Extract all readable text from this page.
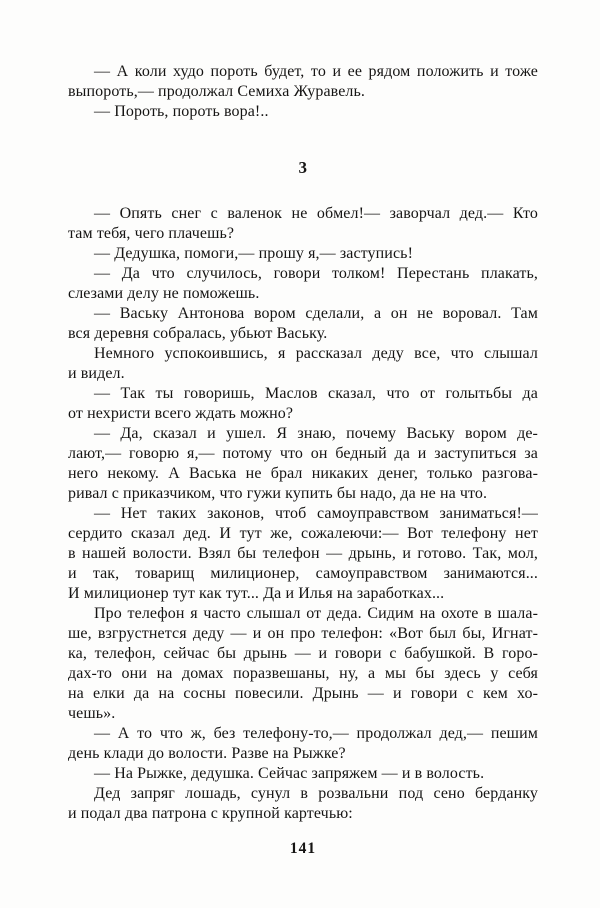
— А коли худо пороть будет, то и ее рядом положить и тоже
выпороть,— продолжал Семиха Журавель.
— Пороть, пороть вора!..
3
— Опять снег с валенок не обмел!— заворчал дед.— Кто
там тебя, чего плачешь?
— Дедушка, помоги,— прошу я,— заступись!
— Да что случилось, говори толком! Перестань плакать,
слезами делу не поможешь.
— Ваську Антонова вором сделали, а он не воровал. Там
вся деревня собралась, убьют Ваську.
Немного успокоившись, я рассказал деду все, что слышал
и видел.
— Так ты говоришь, Маслов сказал, что от голытьбы да
от нехристи всего ждать можно?
— Да, сказал и ушел. Я знаю, почему Ваську вором де-
лают,— говорю я,— потому что он бедный да и заступиться за
него некому. А Васька не брал никаких денег, только разгова-
ривал с приказчиком, что гужи купить бы надо, да не на что.
— Нет таких законов, чтоб самоуправством заниматься!—
сердито сказал дед. И тут же, сожалеючи:— Вот телефону нет
в нашей волости. Взял бы телефон — дрынь, и готово. Так, мол,
и так, товарищ милиционер, самоуправством занимаются...
И милиционер тут как тут... Да и Илья на заработках...
Про телефон я часто слышал от деда. Сидим на охоте в шала-
ше, взгрустнется деду — и он про телефон: «Вот был бы, Игнат-
ка, телефон, сейчас бы дрынь — и говори с бабушкой. В горо-
дах-то они на домах поразвешаны, ну, а мы бы здесь у себя
на елки да на сосны повесили. Дрынь — и говори с кем хо-
чешь».
— А то что ж, без телефону-то,— продолжал дед,— пешим
день клади до волости. Разве на Рыжке?
— На Рыжке, дедушка. Сейчас запряжем — и в волость.
Дед запряг лошадь, сунул в розвальни под сено берданку
и подал два патрона с крупной картечью:
141
